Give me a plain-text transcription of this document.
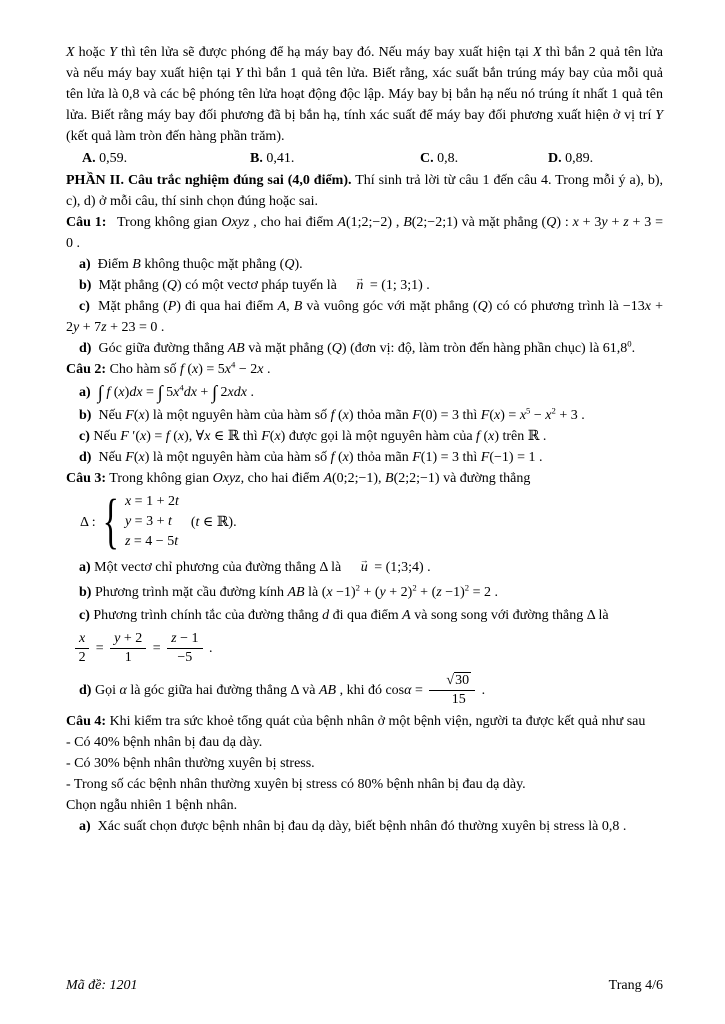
X hoặc Y thì tên lửa sẽ được phóng để hạ máy bay đó. Nếu máy bay xuất hiện tại X thì bắn 2 quả tên lửa và nếu máy bay xuất hiện tại Y thì bắn 1 quả tên lửa. Biết rằng, xác suất bắn trúng máy bay của mỗi quả tên lửa là 0,8 và các bệ phóng tên lửa hoạt động độc lập. Máy bay bị bắn hạ nếu nó trúng ít nhất 1 quả tên lửa. Biết rằng máy bay đối phương đã bị bắn hạ, tính xác suất để máy bay đối phương xuất hiện ở vị trí Y (kết quả làm tròn đến hàng phần trăm).
A. 0,59.	B. 0,41.	C. 0,8.	D. 0,89.
PHẦN II. Câu trắc nghiệm đúng sai (4,0 điểm). Thí sinh trả lời từ câu 1 đến câu 4. Trong mỗi ý a), b), c), d) ở mỗi câu, thí sinh chọn đúng hoặc sai.
Câu 1:  Trong không gian Oxyz , cho hai điểm A(1;2;−2) , B(2;−2;1) và mặt phẳng (Q) : x + 3y + z + 3 = 0 .
a)  Điểm B không thuộc mặt phẳng (Q).
b)  Mặt phẳng (Q) có một vectơ pháp tuyến là n → = (1; 3;1) .
c)  Mặt phẳng (P) đi qua hai điểm A, B và vuông góc với mặt phẳng (Q) có có phương trình là −13x + 2y + 7z + 23 = 0 .
d)  Góc giữa đường thẳng AB và mặt phẳng (Q) (đơn vị: độ, làm tròn đến hàng phần chục) là 61,8$^0$.
Câu 2: Cho hàm số f $(x) = 5x^4 - 2x$ .
a) ∫ f (x)dx = ∫ $5x^4dx$ + ∫ 2xdx .
b)  Nếu F(x) là một nguyên hàm của hàm số f (x) thỏa mãn F(0) = 3 thì $F(x) = x^5 - x^2 + 3$ .
c) Nếu F ′(x) = f (x), ∀x ∈ ℝ thì F(x) được gọi là một nguyên hàm của f (x) trên ℝ .
d)  Nếu F(x) là một nguyên hàm của hàm số f (x) thỏa mãn F(1) = 3 thì F(−1) = 1 .
Câu 3: Trong không gian Oxyz, cho hai điểm A(0;2;−1), B(2;2;−1) và đường thẳng
Δ : { x = 1 + 2t
y = 3 + t
z = 4 − 5t
(t ∈ ℝ).
a) Một vectơ chỉ phương của đường thẳng Δ là u → = (1;3;4) .
b) Phương trình mặt cầu đường kính AB là $(x -1)^2 + (y + 2)^2 + (z -1)^2 = 2$ .
c) Phương trình chính tắc của đường thẳng d đi qua điểm A và song song với đường thẳng Δ là
$\frac{x}{2} = \frac{y + 2}{1} = \frac{z - 1}{-5}$ .
d) Gọi α là góc giữa hai đường thẳng Δ và AB , khi đó $\cos\alpha = \frac{√30}{15}$ .
Câu 4: Khi kiểm tra sức khoẻ tổng quát của bệnh nhân ở một bệnh viện, người ta được kết quả như sau
- Có 40% bệnh nhân bị đau dạ dày.
- Có 30% bệnh nhân thường xuyên bị stress.
- Trong số các bệnh nhân thường xuyên bị stress có 80% bệnh nhân bị đau dạ dày.
Chọn ngẫu nhiên 1 bệnh nhân.
a)  Xác suất chọn được bệnh nhân bị đau dạ dày, biết bệnh nhân đó thường xuyên bị stress là 0,8 .
Mã đề: 1201	Trang 4/6
